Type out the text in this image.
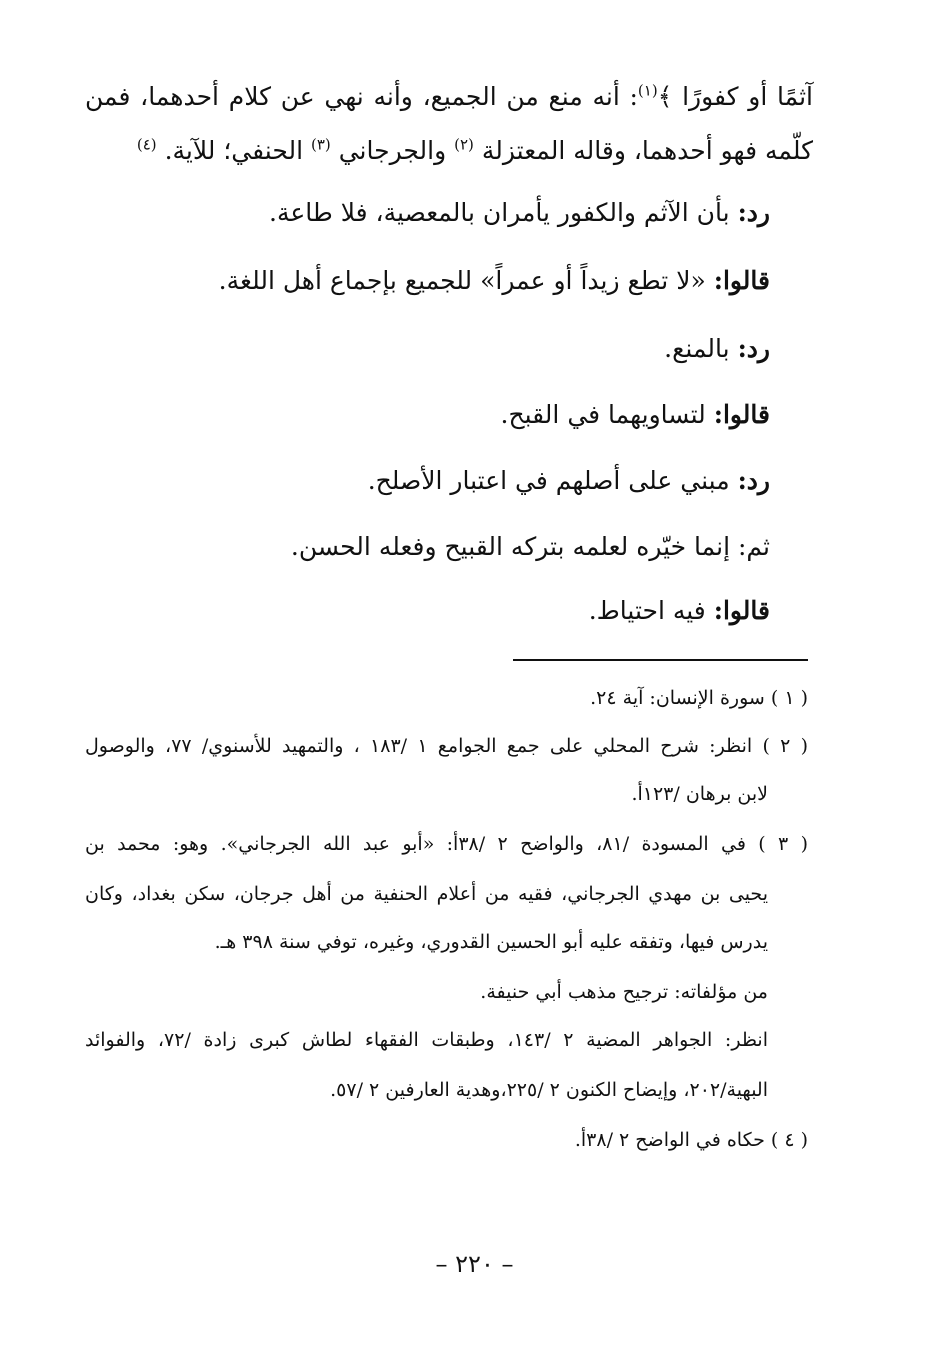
آثمًا أو كفورًا ﴾$^{(١)}$: أنه منع من الجميع، وأنه نهي عن كلام أحدهما، فمن
كلّمه فهو أحدهما، وقاله المعتزلة $^{(٢)}$ والجرجاني $^{(٣)}$ الحنفي؛ للآية. $^{(٤)}$
رد: بأن الآثم والكفور يأمران بالمعصية، فلا طاعة.
قالوا: «لا تطع زيداً أو عمراً» للجميع بإجماع أهل اللغة.
رد: بالمنع.
قالوا: لتساويهما في القبح.
رد: مبني على أصلهم في اعتبار الأصلح.
ثم: إنما خيّره لعلمه بتركه القبيح وفعله الحسن.
قالوا: فيه احتياط.
( ١ ) سورة الإنسان: آية ٢٤.
( ٢ ) انظر: شرح المحلي على جمع الجوامع ١ /١٨٣ ، والتمهيد للأسنوي/ ٧٧، والوصول
لابن برهان /١٢٣أ.
( ٣ ) في المسودة /٨١، والواضح ٢ /٣٨أ: «أبو عبد الله الجرجاني». وهو: محمد بن
يحيى بن مهدي الجرجاني، فقيه من أعلام الحنفية من أهل جرجان، سكن بغداد، وكان
يدرس فيها، وتفقه عليه أبو الحسين القدوري، وغيره، توفي سنة ٣٩٨ هـ.
من مؤلفاته: ترجيح مذهب أبي حنيفة.
انظر: الجواهر المضية ٢ /١٤٣، وطبقات الفقهاء لطاش كبرى زادة /٧٢، والفوائد
البهية/٢٠٢، وإيضاح الكنون ٢ /٢٢٥،وهدية العارفين ٢ /٥٧.
( ٤ ) حكاه في الواضح ٢ /٣٨أ.
– ٢٢٠ –
